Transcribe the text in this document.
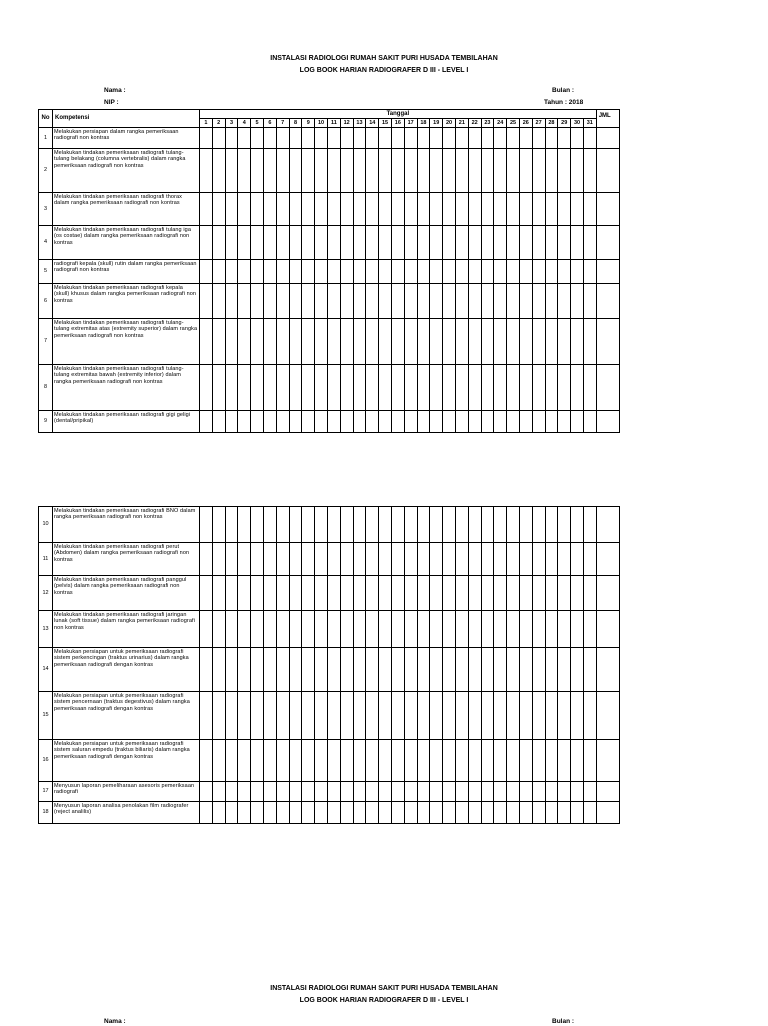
INSTALASI RADIOLOGI RUMAH SAKIT PURI HUSADA TEMBILAHAN
LOG BOOK HARIAN RADIOGRAFER D III - LEVEL I
Nama :
NIP :
Bulan :
Tahun : 2018
No	Kompetensi	Tanggal																															JML
		1	2	3	4	5	6	7	8	9	10	11	12	13	14	15	16	17	18	19	20	21	22	23	24	25	26	27	28	29	30	31	
1	Melakukan persiapan dalam rangka pemeriksaan radiografi non kontras																																
2	Melakukan tindakan pemeriksaan radiografi tulang-tulang belakang (columna vertebralis) dalam rangka pemeriksaan radiografi non kontras																																
3	Melakukan tindakan pemeriksaan radiografi thorax dalam rangka pemeriksaan radiografi non kontras																																
4	Melakukan tindakan pemeriksaan radiografi tulang iga (os costae) dalam rangka pemeriksaan radiografi non kontras																																
5	radiografi kepala (skull) rutin dalam rangka pemeriksaan radiografi non kontras																																
6	Melakukan tindakan pemeriksaan radiografi kepala (skull) khusus dalam rangka pemeriksaan radiografi non kontras																																
7	Melakukan tindakan pemeriksaan radiografi tulang-tulang extremitas atas (extremity superior) dalam rangka pemeriksaan radiografi non kontras																																
8	Melakukan tindakan pemeriksaan radiografi tulang-tulang extremitas bawah (extremity inferior) dalam rangka pemeriksaan radiografi non kontras																																
9	Melakukan tindakan pemeriksaan radiografi gigi geligi (dental/pripikal)																																
10	Melakukan tindakan pemeriksaan radiografi BNO dalam rangka pemeriksaan radiografi non kontras																																
11	Melakukan tindakan pemeriksaan radiografi perut (Abdomen) dalam rangka pemeriksaan radiografi non kontras																																
12	Melakukan tindakan pemeriksaan radiografi panggul (pelvis) dalam rangka pemeriksaan radiografi non kontras																																
13	Melakukan tindakan pemeriksaan radiografi jaringan lunak (soft tissue) dalam rangka pemeriksaan radiografi non kontras																																
14	Melakukan persiapan untuk pemeriksaan radiografi sistem perkencingan (traktus urinarius) dalam rangka pemeriksaan radiografi dengan kontras																																
15	Melakukan persiapan untuk pemeriksaan radiografi sistem pencernaan (traktus degestivus) dalam rangka pemeriksaan radiografi dengan kontras																																
16	Melakukan persiapan untuk pemeriksaan radiografi sistem saluran empedu (traktus biliaris) dalam rangka pemeriksaan radiografi dengan kontras																																
17	Menyusun laporan pemeliharaan asesoris pemeriksaan radiografi																																
18	Menyusun laporan analisa penolakan film radiografer (reject analilis)																																
INSTALASI RADIOLOGI RUMAH SAKIT PURI HUSADA TEMBILAHAN
LOG BOOK HARIAN RADIOGRAFER D III - LEVEL I
Nama :	Bulan :
